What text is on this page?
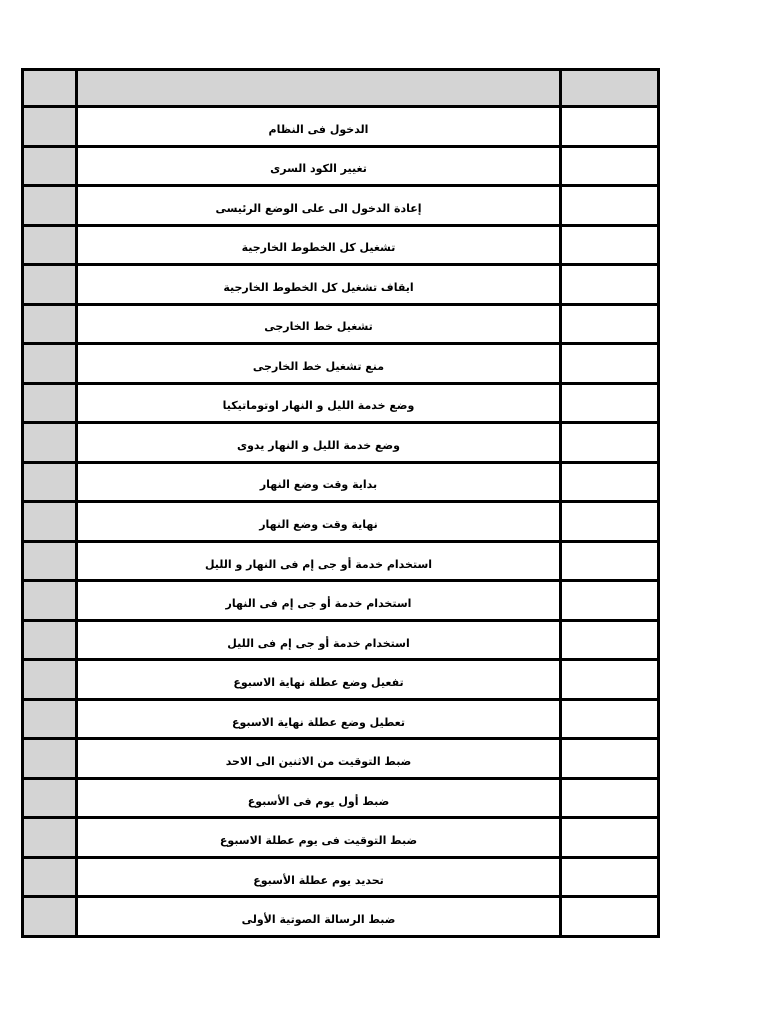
الدخول فى النظام
تغيير الكود السرى
إعادة الدخول الى على الوضع الرئيسى
تشغيل كل الخطوط الخارجية
ايقاف تشغيل كل الخطوط الخارجية
تشغيل خط الخارجى
منع تشغيل خط الخارجى
وضع خدمة الليل و النهار اوتوماتيكيا
وضع خدمة الليل و النهار يدوى
بداية وقت وضع النهار
نهاية وقت وضع النهار
استخدام خدمة أو جى إم فى النهار و الليل
استخدام خدمة أو جى إم فى النهار
استخدام خدمة أو جى إم فى الليل
تفعيل وضع عطلة نهاية الاسبوع
تعطيل وضع عطلة نهاية الاسبوع
ضبط التوقيت من الاثنين الى الاحد
ضبط أول يوم فى الأسبوع
ضبط التوقيت فى يوم عطلة الاسبوع
تحديد يوم عطلة الأسبوع
ضبط الرسالة الصوتية الأولى
